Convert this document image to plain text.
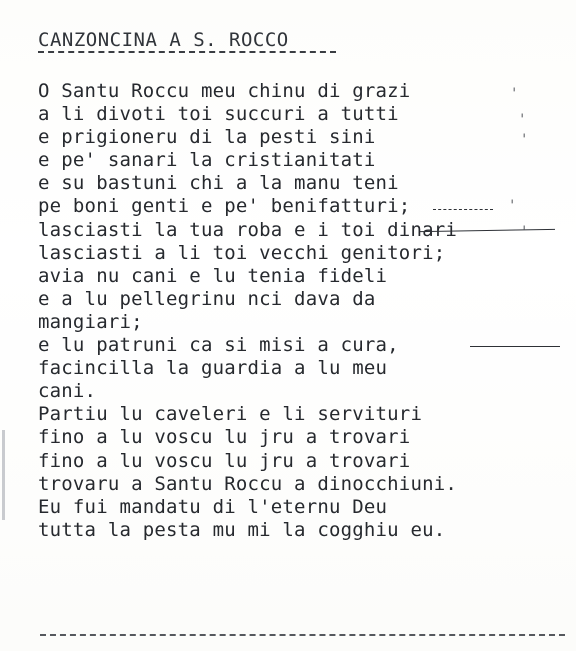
CANZONCINA A S. ROCCO
O Santu Roccu meu chinu di grazi
a li divoti toi succuri a tutti
e prigioneru di la pesti sini
e pe' sanari la cristianitati
e su bastuni chi a la manu teni
pe boni genti e pe' benifatturi;
lasciasti la tua roba e i toi dinari
lasciasti a li toi vecchi genitori;
avia nu cani e lu tenia fideli
e a lu pellegrinu nci dava da
mangiari;
e lu patruni ca si misi a cura,
facincilla la guardia a lu meu
cani.
Partiu lu caveleri e li servituri
fino a lu voscu lu jru a trovari
fino a lu voscu lu jru a trovari
trovaru a Santu Roccu a dinocchiuni.
Eu fui mandatu di l'eternu Deu
tutta la pesta mu mi la cogghiu eu.
'
'
'
'
'
